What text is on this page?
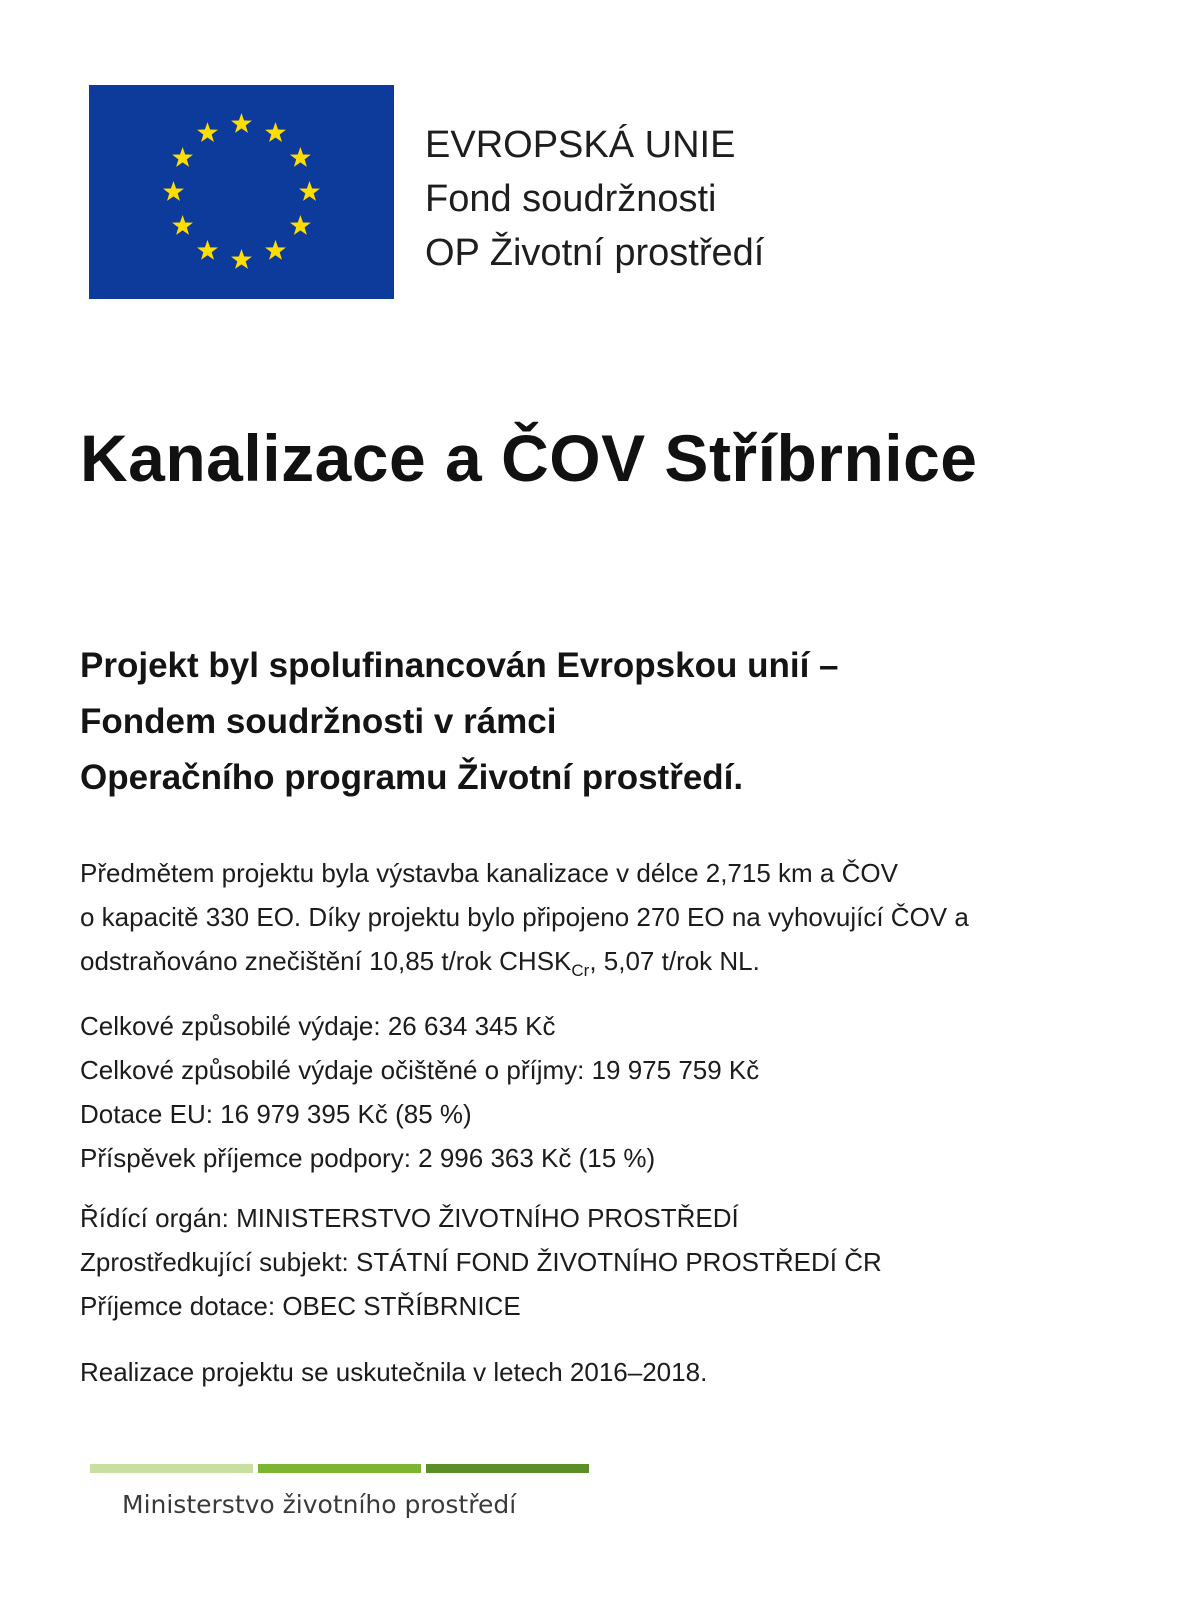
EVROPSKÁ UNIE
Fond soudržnosti
OP Životní prostředí
Kanalizace a ČOV Stříbrnice
Projekt byl spolufinancován Evropskou unií –
Fondem soudržnosti v rámci
Operačního programu Životní prostředí.
Předmětem projektu byla výstavba kanalizace v délce 2,715 km a ČOV
o kapacitě 330 EO. Díky projektu bylo připojeno 270 EO na vyhovující ČOV a
odstraňováno znečištění 10,85 t/rok $CHSK_{Cr}$, 5,07 t/rok NL.
Celkové způsobilé výdaje: 26 634 345 Kč
Celkové způsobilé výdaje očištěné o příjmy: 19 975 759 Kč
Dotace EU: 16 979 395 Kč (85 %)
Příspěvek příjemce podpory: 2 996 363 Kč (15 %)
Řídící orgán: MINISTERSTVO ŽIVOTNÍHO PROSTŘEDÍ
Zprostředkující subjekt: STÁTNÍ FOND ŽIVOTNÍHO PROSTŘEDÍ ČR
Příjemce dotace: OBEC STŘÍBRNICE
Realizace projektu se uskutečnila v letech 2016–2018.
Ministerstvo životního prostředí
